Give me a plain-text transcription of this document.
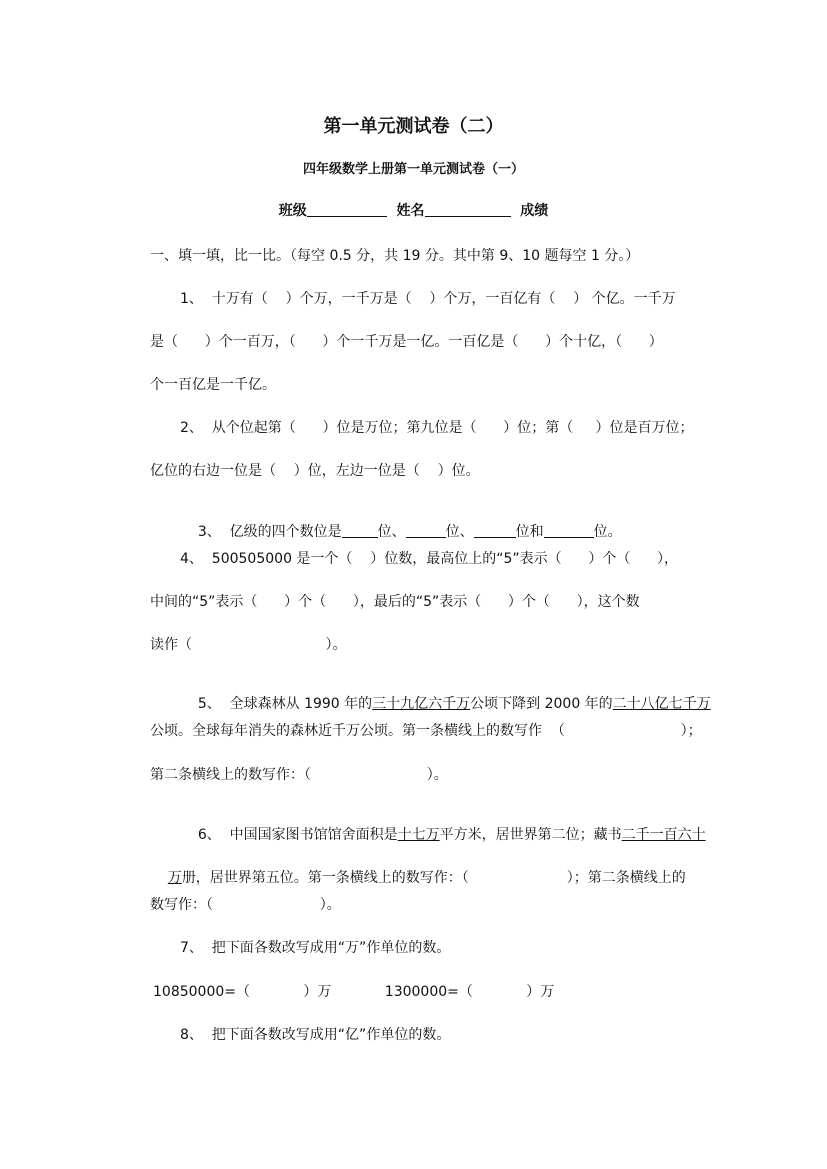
第一单元测试卷（二）
四年级数学上册第一单元测试卷（一）
班级	姓名	成绩
一、填一填，比一比。（每空 0.5 分，共 19 分。其中第 9、10 题每空 1 分。）
1、  十万有（    ）个万，一千万是（    ）个万，一百亿有（    ） 个亿。一千万
是（      ）个一百万，（      ）个一千万是一亿。一百亿是（      ）个十亿，（      ）
个一百亿是一千亿。
2、  从个位起第（      ）位是万位；第九位是（      ）位；第（     ）位是百万位；
亿位的右边一位是（    ）位，左边一位是（    ）位。

3、  亿级的四个数位是	位、	位、	位和	位。

4、  500505000 是一个（    ）位数，最高位上的“5”表示（      ）个（      ），
中间的“5”表示（      ）个（      ），最后的“5”表示（      ）个（      ），这个数
读作（                              ）。

5、  全球森林从 1990 年的三十九亿六千万公顷下降到 2000 年的二十八亿七千万

公顷。全球每年消失的森林近千万公顷。第一条横线上的数写作  （                          ）；
第二条横线上的数写作：（                          ）。

6、  中国国家图书馆馆舍面积是十七万平方米，居世界第二位；藏书二千一百六十

万册，居世界第五位。第一条横线上的数写作：（                      ）；第二条横线上的

数写作：（                        ）。
7、  把下面各数改写成用“万”作单位的数。
10850000=（            ）万            1300000=（            ）万
8、  把下面各数改写成用“亿”作单位的数。
